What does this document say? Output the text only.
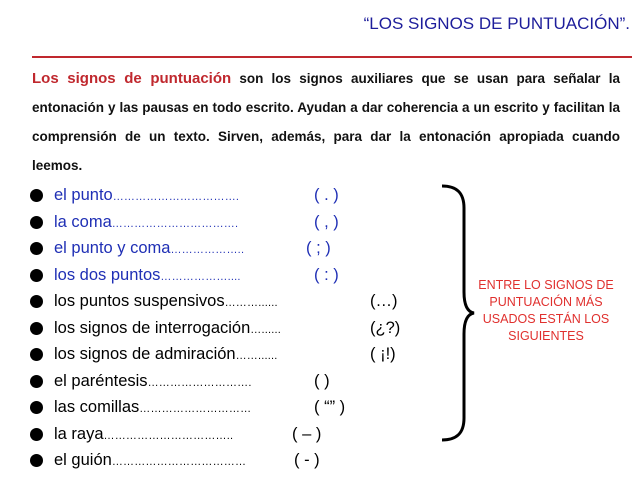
“LOS SIGNOS DE PUNTUACIÓN”.
Los signos de puntuación son los signos auxiliares que se usan para señalar la entonación y las pausas en todo escrito. Ayudan a dar coherencia a un escrito y facilitan la comprensión de un texto. Sirven, además, para dar la entonación apropiada cuando leemos.
el punto…………………………….	( . )
la coma…………………………….	( , )
el punto y coma………………..	( ; )
los dos puntos………………....	( : )
los puntos suspensivos………......	(…)
los signos de interrogación…......	(¿?)
los signos de admiración……......	( ¡!)
el paréntesis……………………….	( )
las comillas…………………………	( “” )
la raya……………………………..	( – )
el guión………………………………	( - )
ENTRE LO SIGNOS DE PUNTUACIÓN MÁS USADOS ESTÁN LOS SIGUIENTES
